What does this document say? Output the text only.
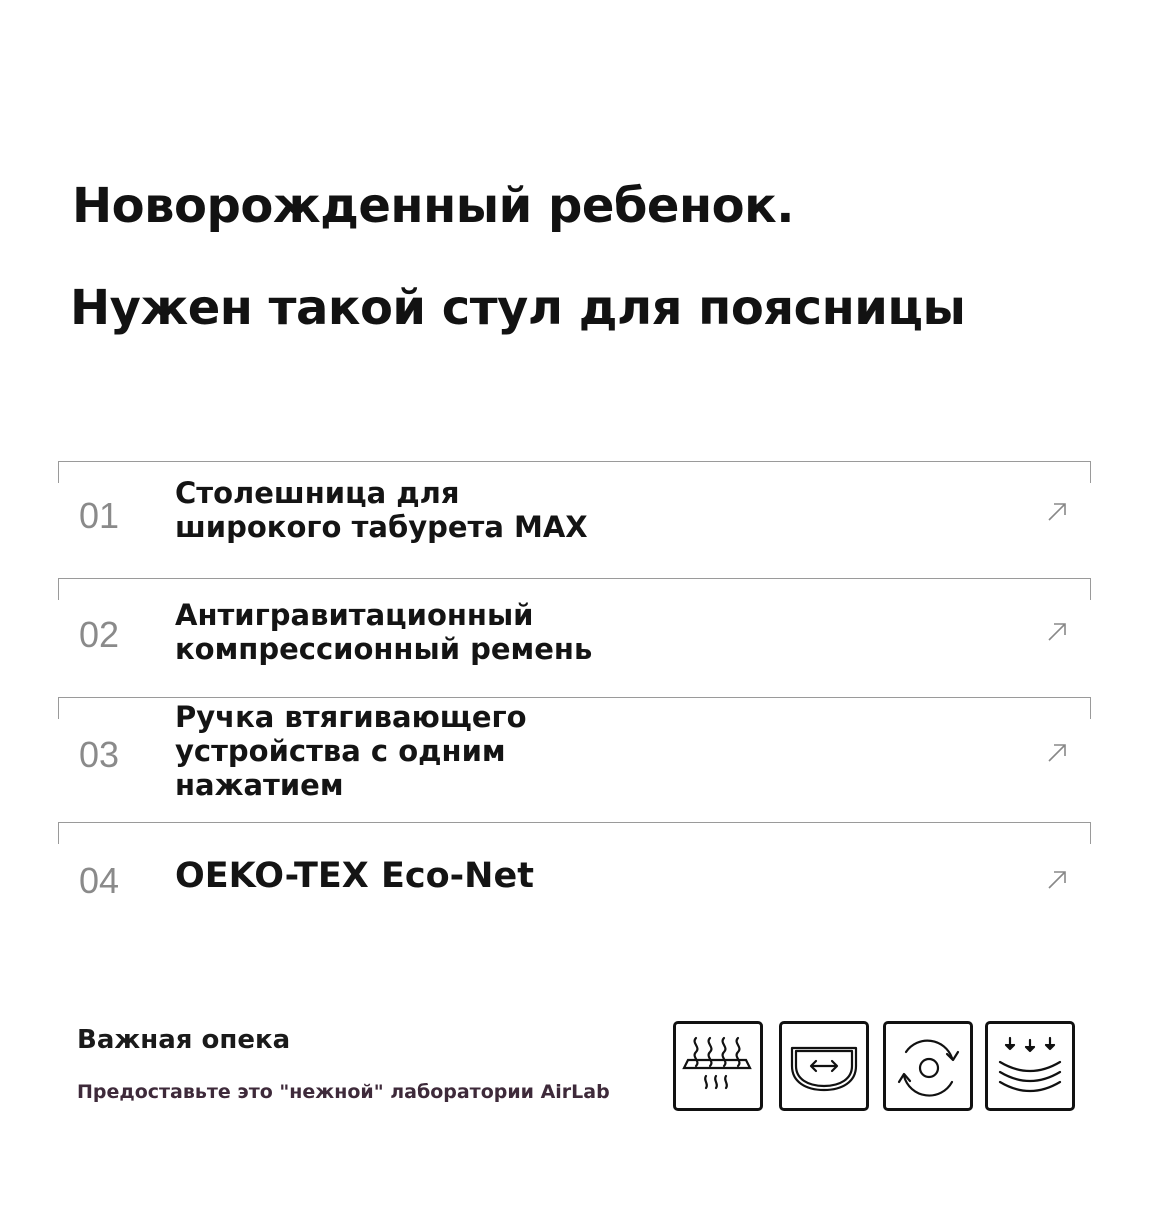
Новорожденный ребенок.
Нужен такой стул для поясницы
01
Столешница для
широкого табурета MAX
02 Антигравитационный
компрессионный ремень
03
Ручка втягивающего
устройства с одним
нажатием
04 OEKO-TEX Eco-Net
Важная опека
Предоставьте это "нежной" лаборатории AirLab
